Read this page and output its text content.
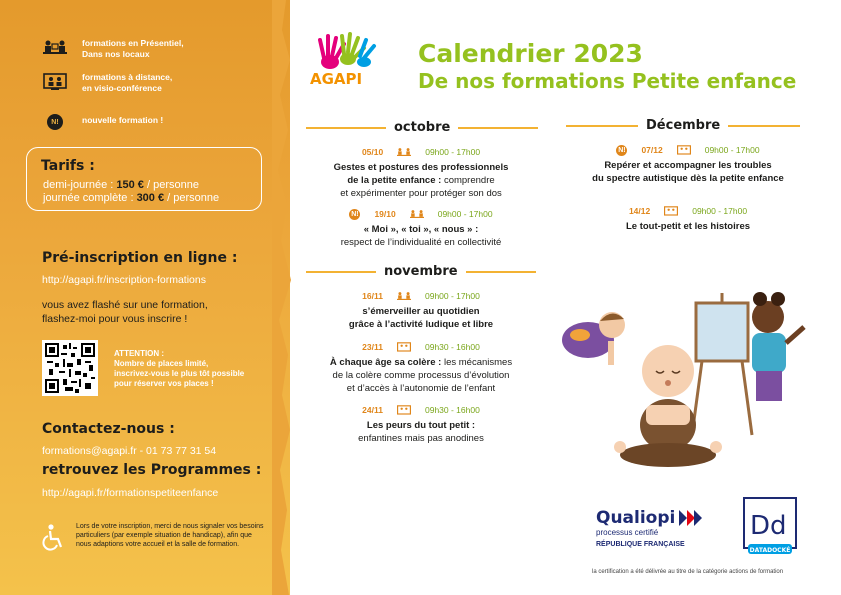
formations en Présentiel,
Dans nos locaux
formations à distance,
en visio-conférence
N!	nouvelle formation !
Tarifs :
demi-journée : 150 € / personne
journée complète : 300 € / personne
Pré-inscription en ligne :
http://agapi.fr/inscription-formations
vous avez flashé sur une formation,
flashez-moi pour vous inscrire !
ATTENTION :
Nombre de places limité,
inscrivez-vous le plus tôt possible
pour réserver vos places !
Contactez-nous :
formations@agapi.fr - 01 73 77 31 54
retrouvez les Programmes :
http://agapi.fr/formationspetiteenfance
Lors de votre inscription, merci de nous signaler vos besoins particuliers (par exemple situation de handicap), afin que nous adaptions votre accueil et la salle de formation.
AGAPI
Calendrier 2023
De nos formations Petite enfance
octobre
05/10	09h00 - 17h00
Gestes et postures des professionnels
de la petite enfance : comprendre
et expérimenter pour protéger son dos
N! 19/10	09h00 - 17h00
« Moi », « toi », « nous » :
respect de l’individualité en collectivité
novembre
16/11	09h00 - 17h00
s’émerveiller au quotidien
grâce à l’activité ludique et libre
23/11	09h30 - 16h00
À chaque âge sa colère : les mécanismes
de la colère comme processus d’évolution
et d’accès à l’autonomie de l’enfant
24/11	09h30 - 16h00
Les peurs du tout petit :
enfantines mais pas anodines
Décembre
N! 07/12	09h00 - 17h00
Repérer et accompagner les troubles
du spectre autistique dès la petite enfance
14/12	09h00 - 17h00
Le tout-petit et les histoires
Qualiopi
processus certifié
RÉPUBLIQUE FRANÇAISE
Dd
DATADOCKÉ
la certification a été délivrée au titre de la catégorie actions de formation
